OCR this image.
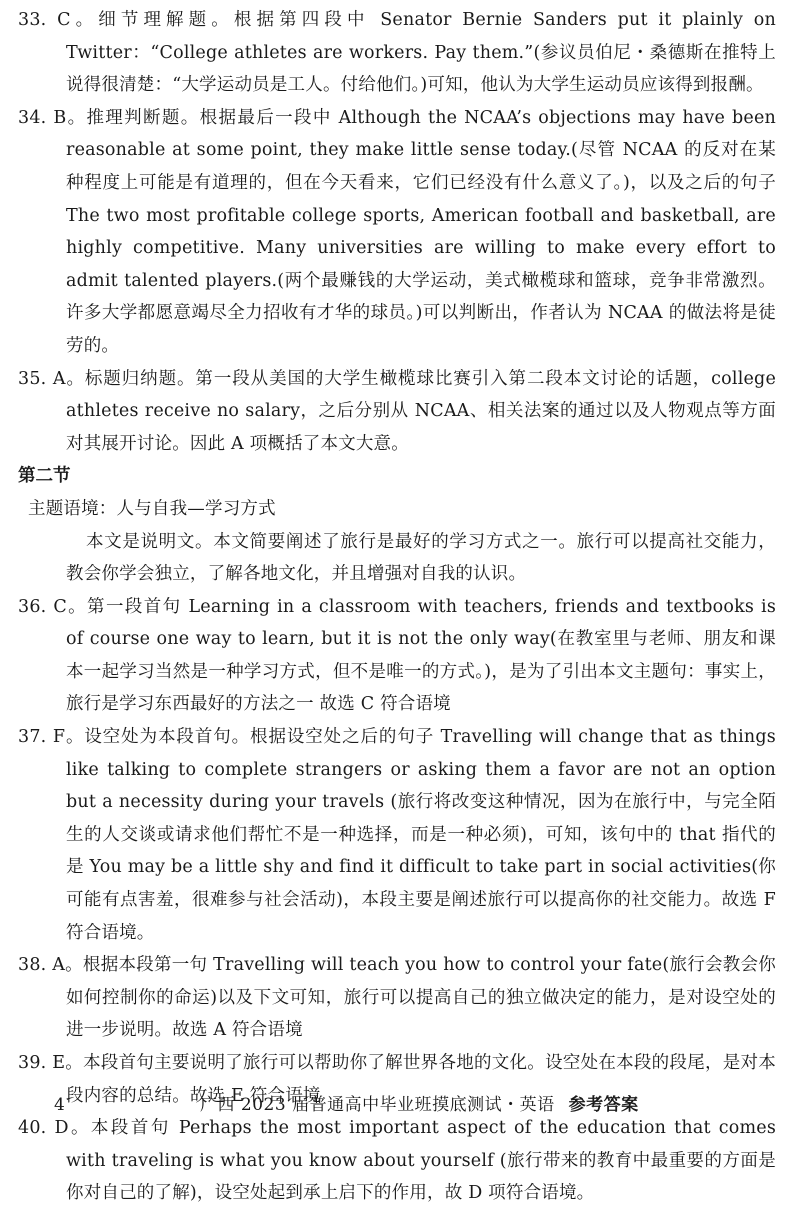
33. C。细节理解题。根据第四段中 Senator Bernie Sanders put it plainly on Twitter：“College athletes are workers. Pay them.”(参议员伯尼・桑德斯在推特上说得很清楚：“大学运动员是工人。付给他们。)可知，他认为大学生运动员应该得到报酬。

34. B。推理判断题。根据最后一段中 Although the NCAA’s objections may have been reasonable at some point, they make little sense today.(尽管 NCAA 的反对在某种程度上可能是有道理的，但在今天看来，它们已经没有什么意义了。)，以及之后的句子 The two most profitable college sports, American football and basketball, are highly competitive. Many universities are willing to make every effort to admit talented players.(两个最赚钱的大学运动，美式橄榄球和篮球，竞争非常激烈。许多大学都愿意竭尽全力招收有才华的球员。)可以判断出，作者认为 NCAA 的做法将是徒劳的。

35. A。标题归纳题。第一段从美国的大学生橄榄球比赛引入第二段本文讨论的话题，college athletes receive no salary，之后分别从 NCAA、相关法案的通过以及人物观点等方面对其展开讨论。因此 A 项概括了本文大意。

第二节

主题语境：人与自我—学习方式

本文是说明文。本文简要阐述了旅行是最好的学习方式之一。旅行可以提高社交能力，教会你学会独立，了解各地文化，并且增强对自我的认识。

36. C。第一段首句 Learning in a classroom with teachers, friends and textbooks is of course one way to learn, but it is not the only way(在教室里与老师、朋友和课本一起学习当然是一种学习方式，但不是唯一的方式。)，是为了引出本文主题句：事实上，旅行是学习东西最好的方法之一 故选 C 符合语境

37. F。设空处为本段首句。根据设空处之后的句子 Travelling will change that as things like talking to complete strangers or asking them a favor are not an option but a necessity during your travels (旅行将改变这种情况，因为在旅行中，与完全陌生的人交谈或请求他们帮忙不是一种选择，而是一种必须)，可知，该句中的 that 指代的是 You may be a little shy and find it difficult to take part in social activities(你可能有点害羞，很难参与社会活动)，本段主要是阐述旅行可以提高你的社交能力。故选 F 符合语境。

38. A。根据本段第一句 Travelling will teach you how to control your fate(旅行会教会你如何控制你的命运)以及下文可知，旅行可以提高自己的独立做决定的能力，是对设空处的进一步说明。故选 A 符合语境

39. E。本段首句主要说明了旅行可以帮助你了解世界各地的文化。设空处在本段的段尾，是对本段内容的总结。故选 E 符合语境

40. D。本段首句 Perhaps the most important aspect of the education that comes with traveling is what you know about yourself (旅行带来的教育中最重要的方面是你对自己的了解)，设空处起到承上启下的作用，故 D 项符合语境。

4	广西 2023 届普通高中毕业班摸底测试・英语 参考答案
